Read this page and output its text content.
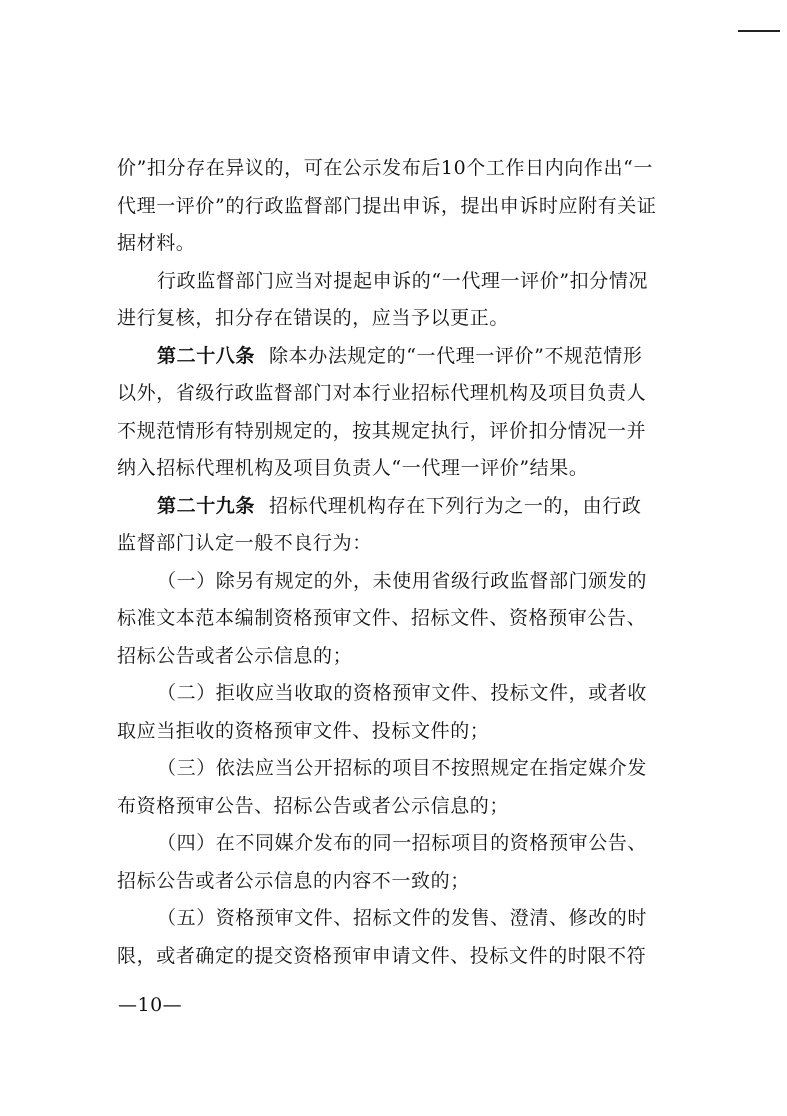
价”扣分存在异议的，可在公示发布后10个工作日内向作出“一
代理一评价”的行政监督部门提出申诉，提出申诉时应附有关证
据材料。
行政监督部门应当对提起申诉的“一代理一评价”扣分情况
进行复核，扣分存在错误的，应当予以更正。
第二十八条 除本办法规定的“一代理一评价”不规范情形
以外，省级行政监督部门对本行业招标代理机构及项目负责人
不规范情形有特别规定的，按其规定执行，评价扣分情况一并
纳入招标代理机构及项目负责人“一代理一评价”结果。
第二十九条 招标代理机构存在下列行为之一的，由行政
监督部门认定一般不良行为：
（一）除另有规定的外，未使用省级行政监督部门颁发的
标准文本范本编制资格预审文件、招标文件、资格预审公告、
招标公告或者公示信息的；
（二）拒收应当收取的资格预审文件、投标文件，或者收
取应当拒收的资格预审文件、投标文件的；
（三）依法应当公开招标的项目不按照规定在指定媒介发
布资格预审公告、招标公告或者公示信息的；
（四）在不同媒介发布的同一招标项目的资格预审公告、
招标公告或者公示信息的内容不一致的；
（五）资格预审文件、招标文件的发售、澄清、修改的时
限，或者确定的提交资格预审申请文件、投标文件的时限不符
—10—
